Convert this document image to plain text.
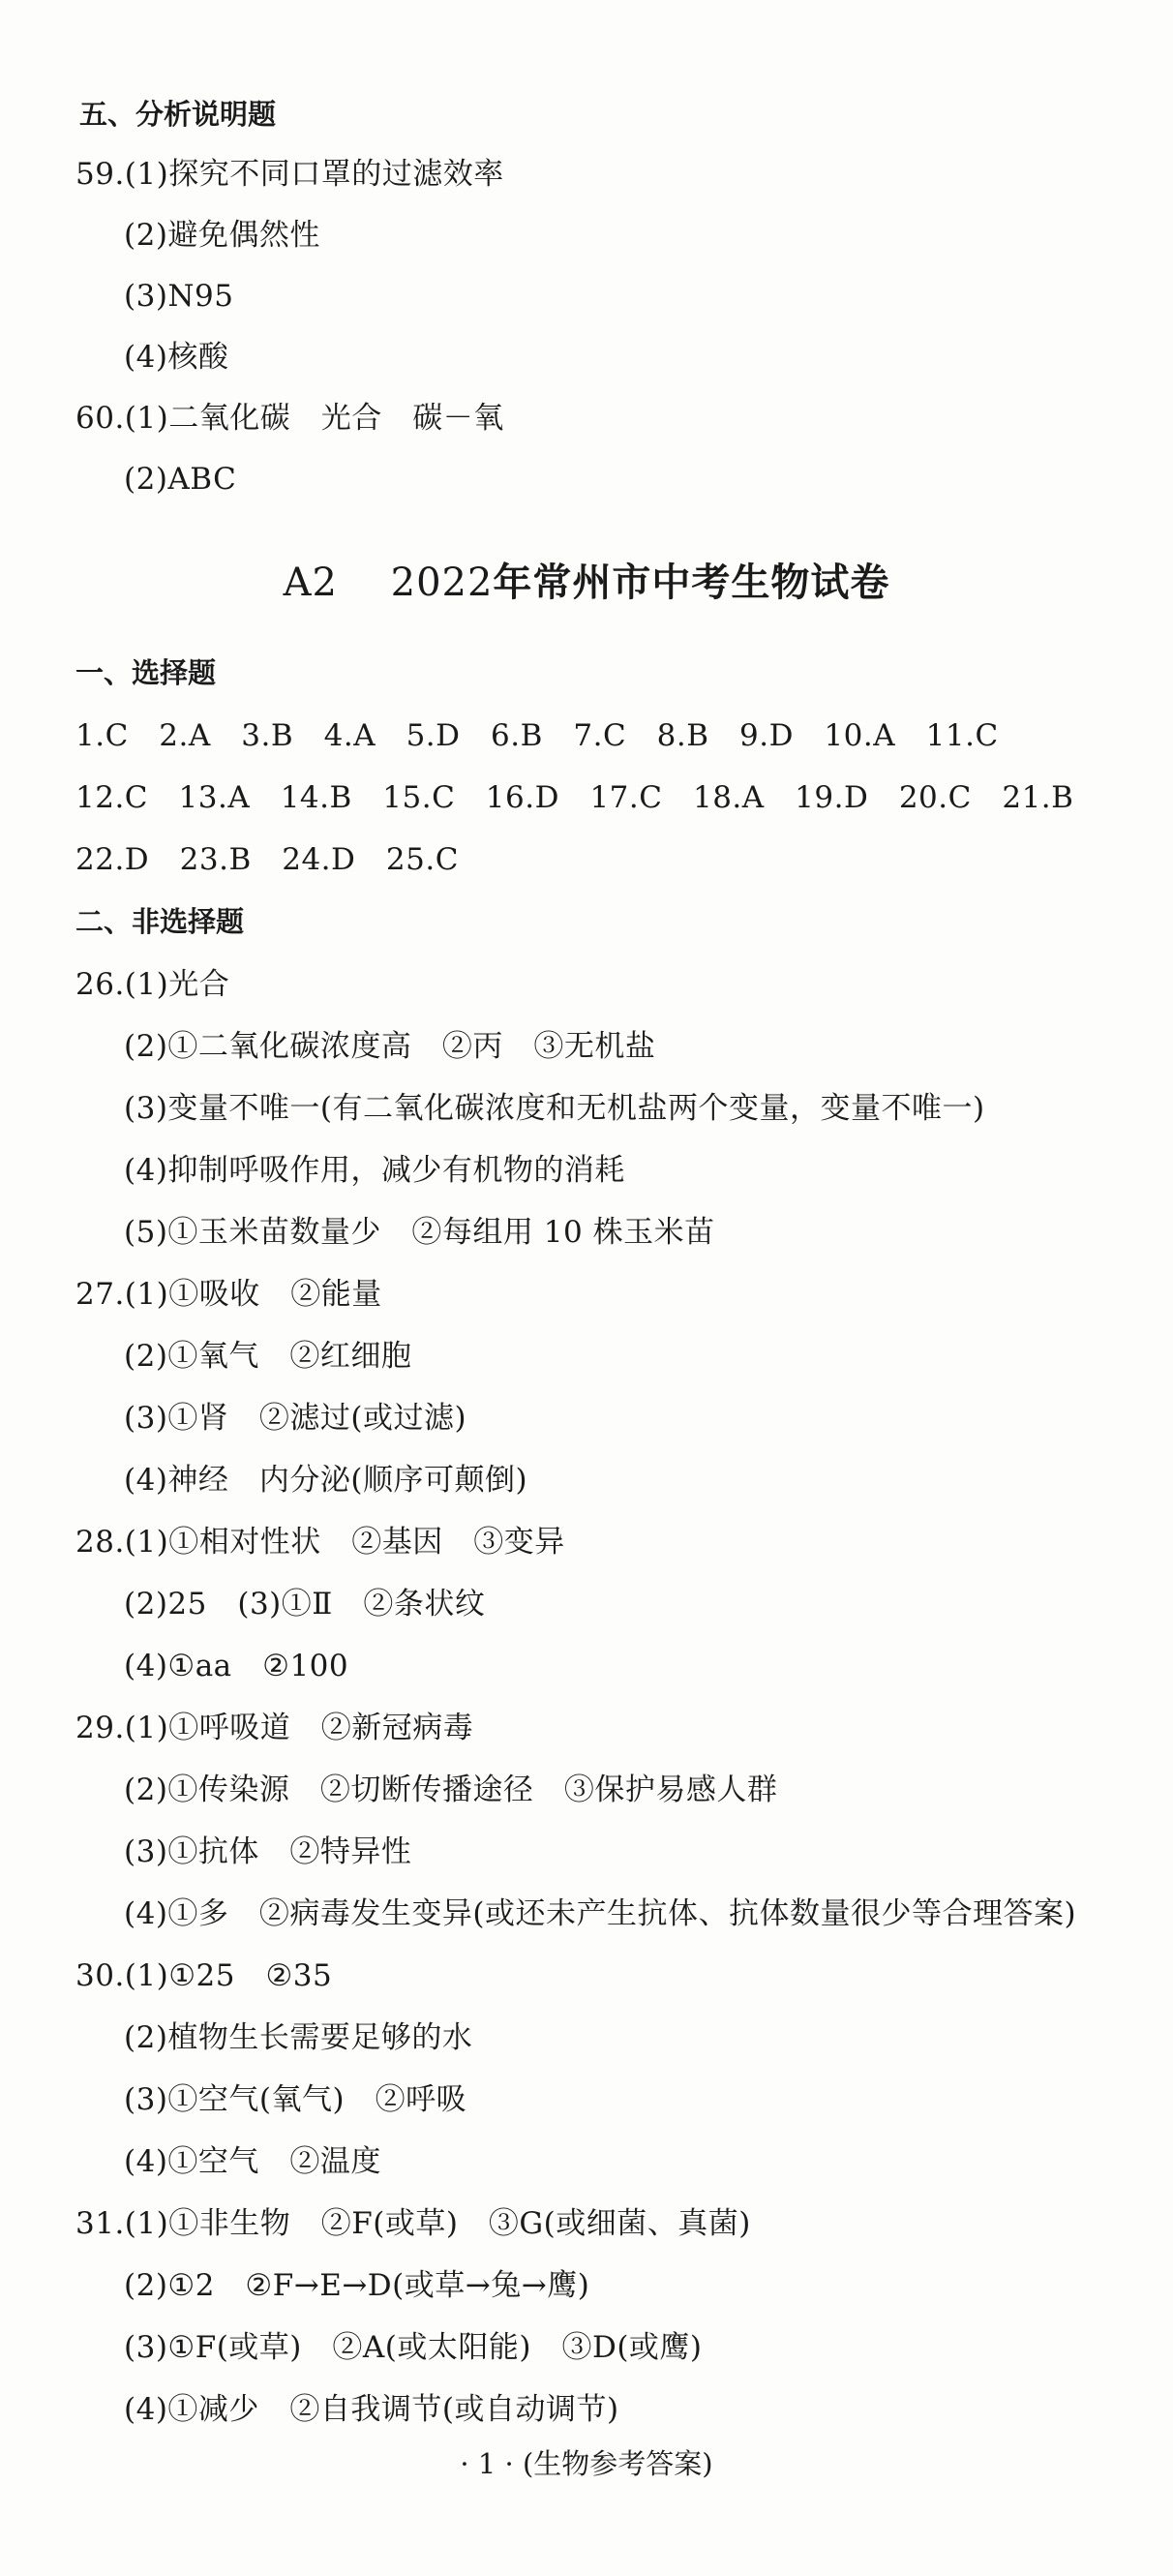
五、分析说明题
59.(1)探究不同口罩的过滤效率
(2)避免偶然性
(3)N95
(4)核酸
60.(1)二氧化碳　光合　碳－氧
(2)ABC
A2　 2022年常州市中考生物试卷
一、选择题
1.C　2.A　3.B　4.A　5.D　6.B　7.C　8.B　9.D　10.A　11.C
12.C　13.A　14.B　15.C　16.D　17.C　18.A　19.D　20.C　21.B
22.D　23.B　24.D　25.C
二、非选择题
26.(1)光合
(2)①二氧化碳浓度高　②丙　③无机盐
(3)变量不唯一(有二氧化碳浓度和无机盐两个变量，变量不唯一)
(4)抑制呼吸作用，减少有机物的消耗
(5)①玉米苗数量少　②每组用 10 株玉米苗
27.(1)①吸收　②能量
(2)①氧气　②红细胞
(3)①肾　②滤过(或过滤)
(4)神经　内分泌(顺序可颠倒)
28.(1)①相对性状　②基因　③变异
(2)25　(3)①Ⅱ　②条状纹
(4)①aa　②100
29.(1)①呼吸道　②新冠病毒
(2)①传染源　②切断传播途径　③保护易感人群
(3)①抗体　②特异性
(4)①多　②病毒发生变异(或还未产生抗体、抗体数量很少等合理答案)
30.(1)①25　②35
(2)植物生长需要足够的水
(3)①空气(氧气)　②呼吸
(4)①空气　②温度
31.(1)①非生物　②F(或草)　③G(或细菌、真菌)
(2)①2　②F→E→D(或草→兔→鹰)
(3)①F(或草)　②A(或太阳能)　③D(或鹰)
(4)①减少　②自我调节(或自动调节)
· 1 · (生物参考答案)
